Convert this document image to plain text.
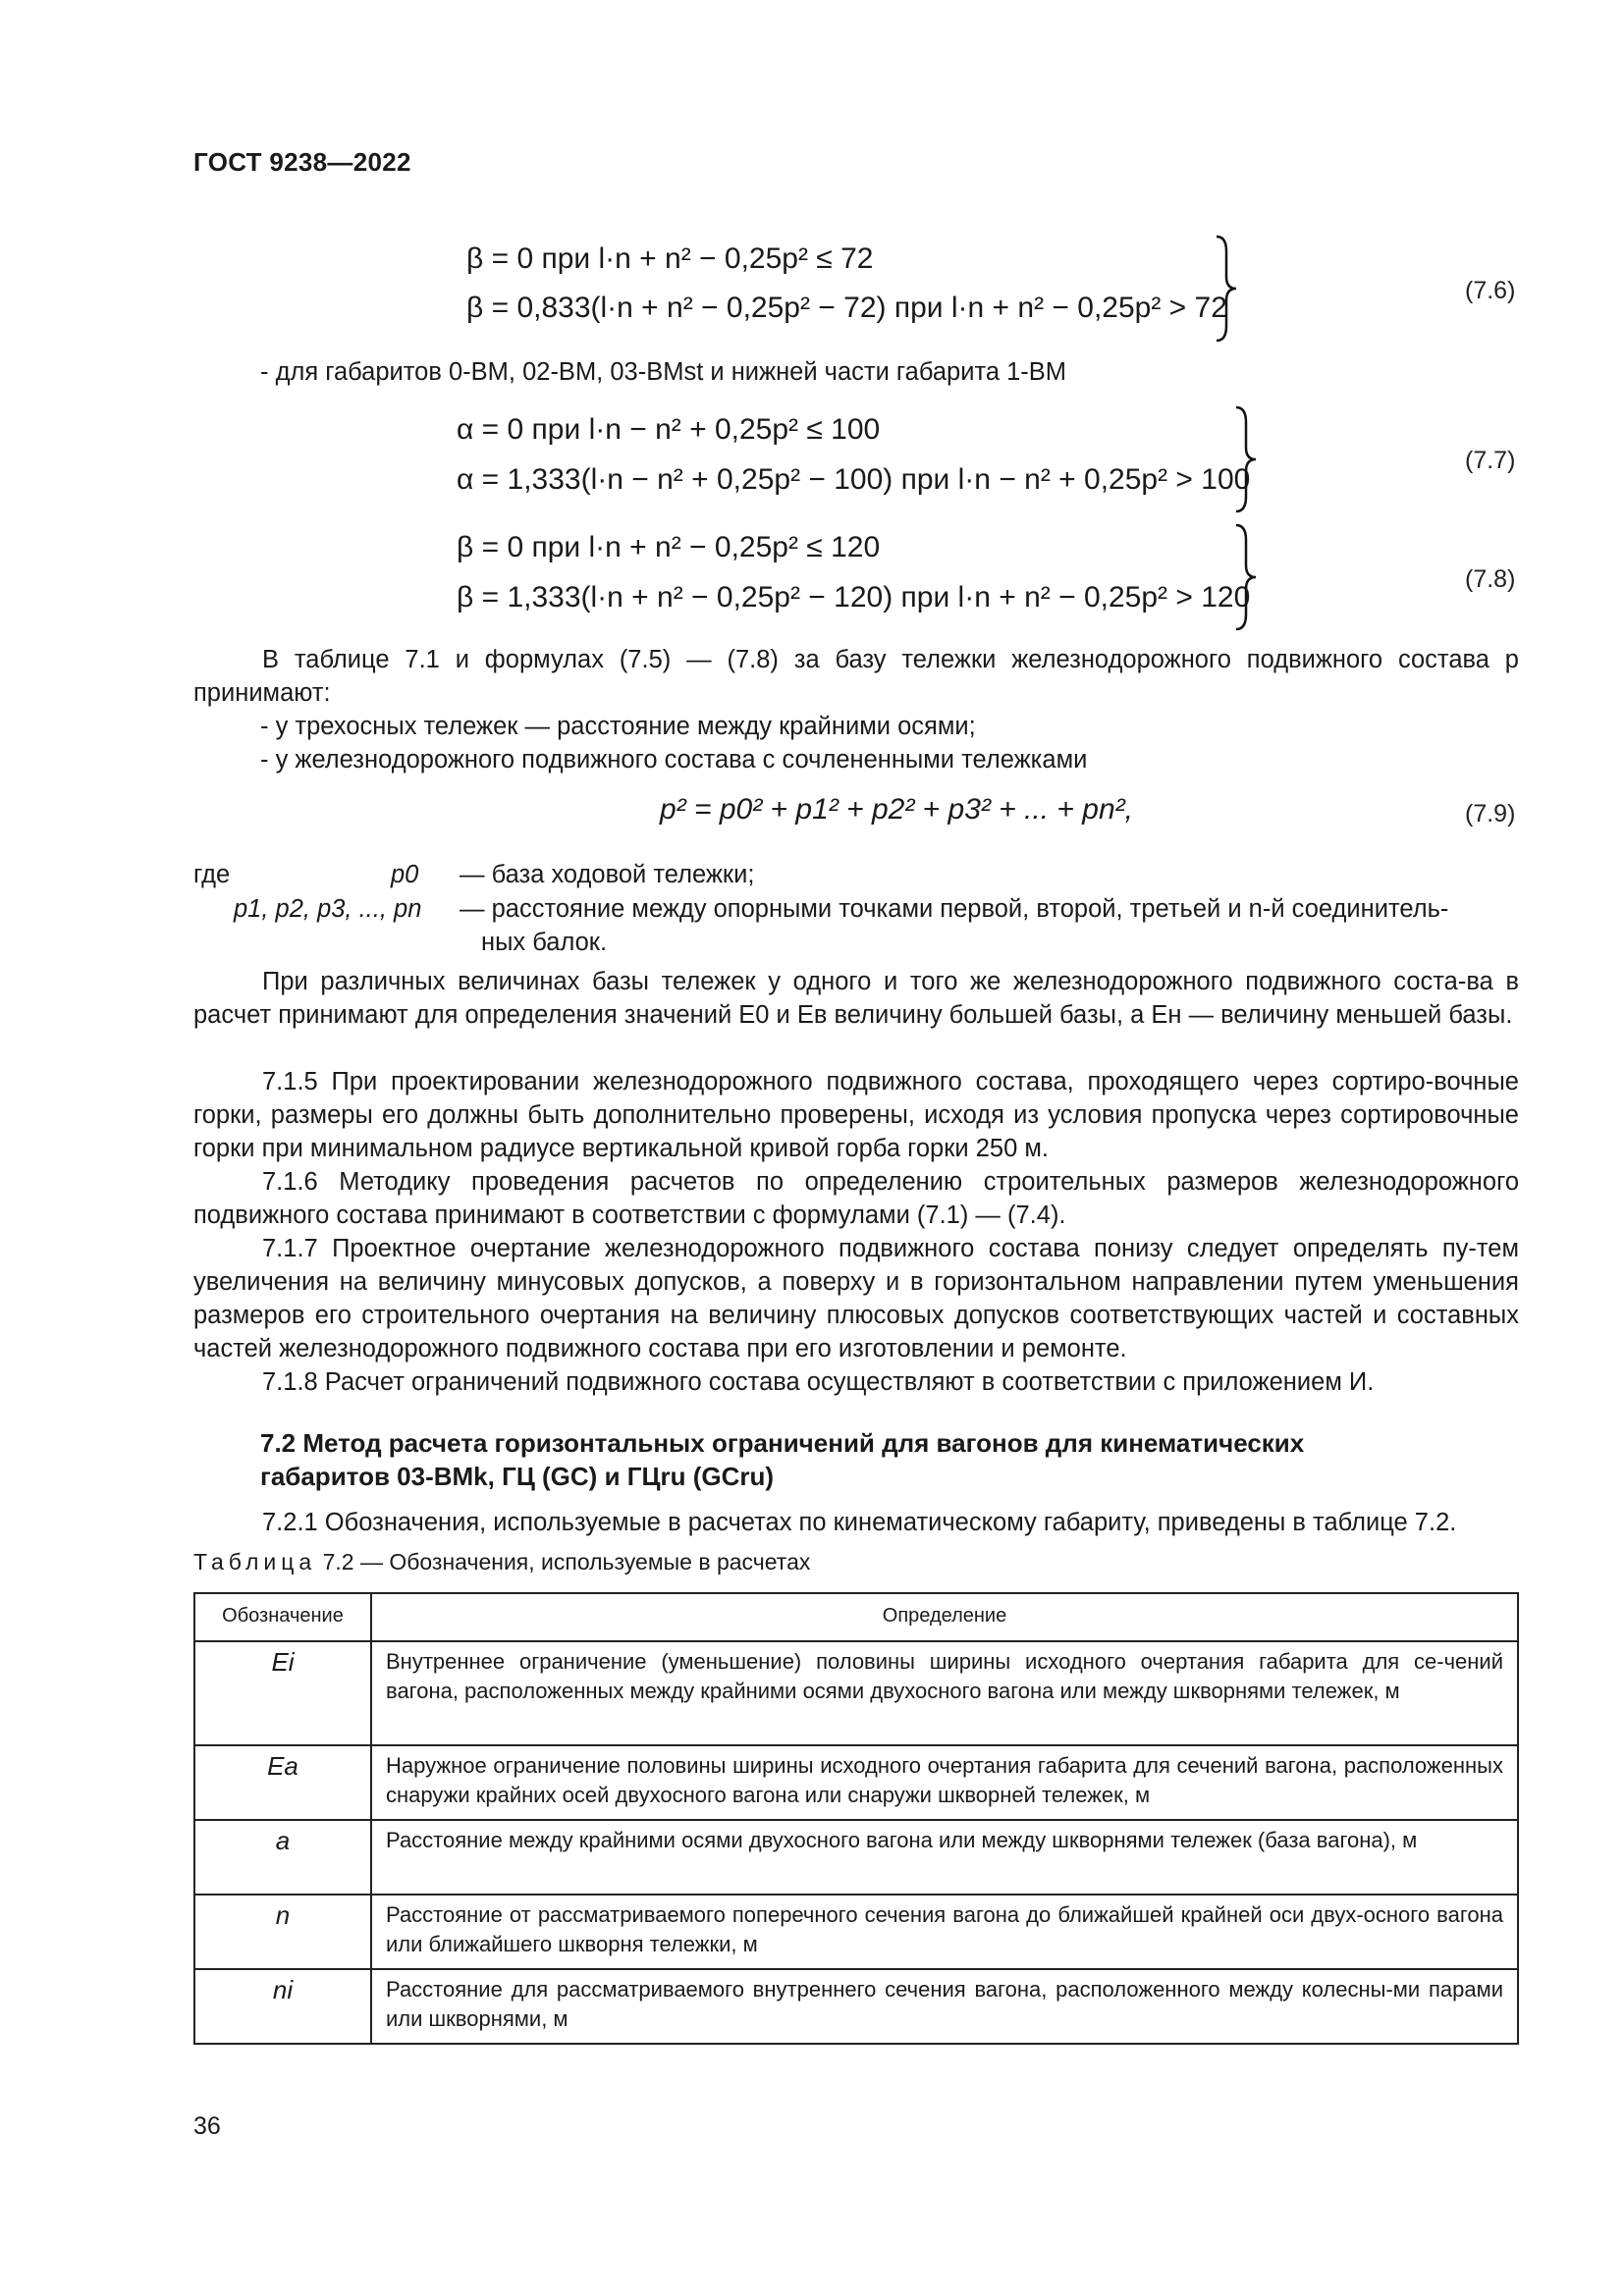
ГОСТ 9238—2022
β = 0 при l·n + n² − 0,25p² ≤ 72
β = 0,833(l·n + n² − 0,25p² − 72) при l·n + n² − 0,25p² > 72
(7.6)
- для габаритов 0-ВМ, 02-ВМ, 03-ВМst и нижней части габарита 1-ВМ
α = 0 при l·n − n² + 0,25p² ≤ 100
α = 1,333(l·n − n² + 0,25p² − 100) при l·n − n² + 0,25p² > 100
(7.7)
β = 0 при l·n + n² − 0,25p² ≤ 120
β = 1,333(l·n + n² − 0,25p² − 120) при l·n + n² − 0,25p² > 120
(7.8)
В таблице 7.1 и формулах (7.5) — (7.8) за базу тележки железнодорожного подвижного состава p принимают:
- у трехосных тележек — расстояние между крайними осями;
- у железнодорожного подвижного состава с сочлененными тележками
p² = p0² + p1² + p2² + p3² + ... + pn²,	(7.9)
где	p0 — база ходовой тележки;
p1, p2, p3, ..., pn — расстояние между опорными точками первой, второй, третьей и n-й соединитель-
ных балок.
При различных величинах базы тележек у одного и того же железнодорожного подвижного соста-ва в расчет принимают для определения значений E0 и Eв величину большей базы, а Eн — величину меньшей базы.
7.1.5 При проектировании железнодорожного подвижного состава, проходящего через сортиро-вочные горки, размеры его должны быть дополнительно проверены, исходя из условия пропуска через сортировочные горки при минимальном радиусе вертикальной кривой горба горки 250 м.
7.1.6 Методику проведения расчетов по определению строительных размеров железнодорожного подвижного состава принимают в соответствии с формулами (7.1) — (7.4).
7.1.7 Проектное очертание железнодорожного подвижного состава понизу следует определять пу-тем увеличения на величину минусовых допусков, а поверху и в горизонтальном направлении путем уменьшения размеров его строительного очертания на величину плюсовых допусков соответствующих частей и составных частей железнодорожного подвижного состава при его изготовлении и ремонте.
7.1.8 Расчет ограничений подвижного состава осуществляют в соответствии с приложением И.
7.2 Метод расчета горизонтальных ограничений для вагонов для кинематических
габаритов 03-ВМk, ГЦ (GC) и ГЦru (GCru)
7.2.1 Обозначения, используемые в расчетах по кинематическому габариту, приведены в таблице 7.2.
Таблица 7.2 — Обозначения, используемые в расчетах
Обозначение	Определение
Ei	Внутреннее ограничение (уменьшение) половины ширины исходного очертания габарита для се-чений вагона, расположенных между крайними осями двухосного вагона или между шкворнями тележек, м
Ea	Наружное ограничение половины ширины исходного очертания габарита для сечений вагона, расположенных снаружи крайних осей двухосного вагона или снаружи шкворней тележек, м
a	Расстояние между крайними осями двухосного вагона или между шкворнями тележек (база вагона), м
n	Расстояние от рассматриваемого поперечного сечения вагона до ближайшей крайней оси двух-осного вагона или ближайшего шкворня тележки, м
ni	Расстояние для рассматриваемого внутреннего сечения вагона, расположенного между колесны-ми парами или шкворнями, м
36
